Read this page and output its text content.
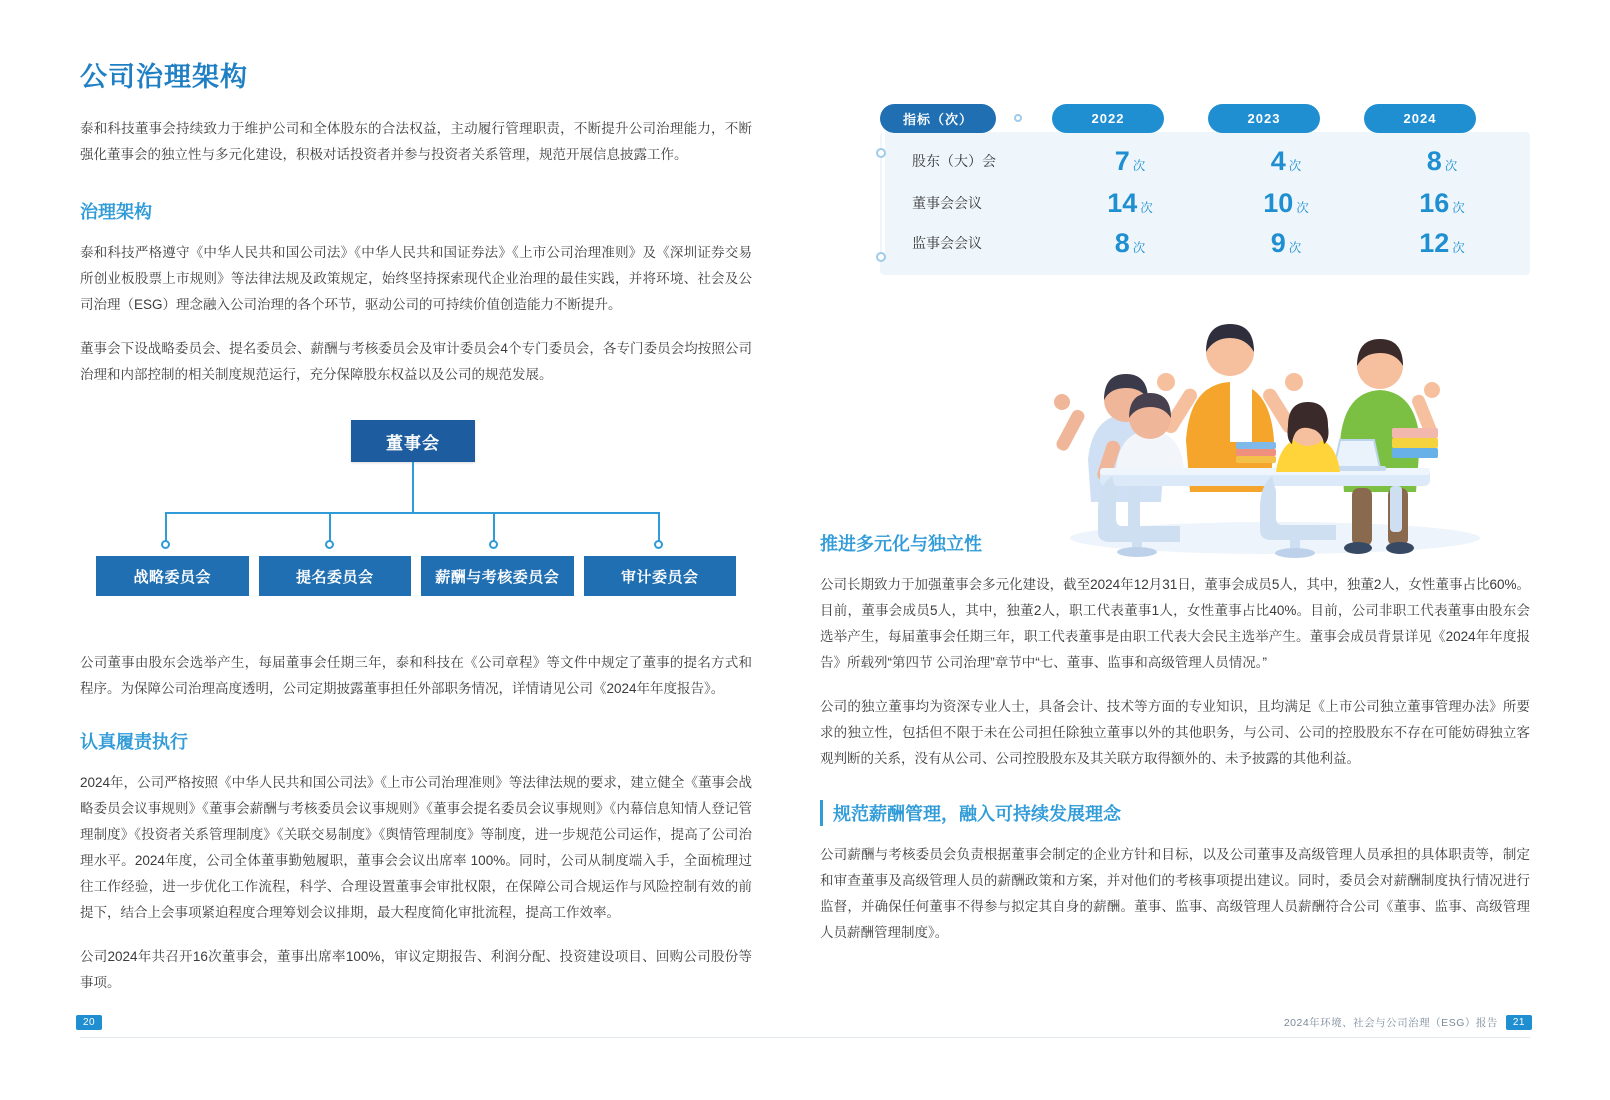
公司治理架构

泰和科技董事会持续致力于维护公司和全体股东的合法权益，主动履行管理职责，不断提升公司治理能力，不断强化董事会的独立性与多元化建设，积极对话投资者并参与投资者关系管理，规范开展信息披露工作。

治理架构

泰和科技严格遵守《中华人民共和国公司法》《中华人民共和国证券法》《上市公司治理准则》及《深圳证券交易所创业板股票上市规则》等法律法规及政策规定，始终坚持探索现代企业治理的最佳实践，并将环境、社会及公司治理（ESG）理念融入公司治理的各个环节，驱动公司的可持续价值创造能力不断提升。

董事会下设战略委员会、提名委员会、薪酬与考核委员会及审计委员会4个专门委员会，各专门委员会均按照公司治理和内部控制的相关制度规范运行，充分保障股东权益以及公司的规范发展。

董事会
战略委员会	提名委员会	薪酬与考核委员会	审计委员会

公司董事由股东会选举产生，每届董事会任期三年，泰和科技在《公司章程》等文件中规定了董事的提名方式和程序。为保障公司治理高度透明，公司定期披露董事担任外部职务情况，详情请见公司《2024年年度报告》。

认真履责执行

2024年，公司严格按照《中华人民共和国公司法》《上市公司治理准则》等法律法规的要求，建立健全《董事会战略委员会议事规则》《董事会薪酬与考核委员会议事规则》《董事会提名委员会议事规则》《内幕信息知情人登记管理制度》《投资者关系管理制度》《关联交易制度》《舆情管理制度》等制度，进一步规范公司运作，提高了公司治理水平。2024年度，公司全体董事勤勉履职，董事会会议出席率 100%。同时，公司从制度端入手，全面梳理过往工作经验，进一步优化工作流程，科学、合理设置董事会审批权限，在保障公司合规运作与风险控制有效的前提下，结合上会事项紧迫程度合理筹划会议排期，最大程度简化审批流程，提高工作效率。

公司2024年共召开16次董事会，董事出席率100%，审议定期报告、利润分配、投资建设项目、回购公司股份等事项。

指标（次）	2022	2023	2024
股东（大）会	7 次	4 次	8 次
董事会会议	14 次	10 次	16 次
监事会会议	8 次	9 次	12 次
推进多元化与独立性

公司长期致力于加强董事会多元化建设，截至2024年12月31日，董事会成员5人，其中，独董2人，女性董事占比60%。目前，董事会成员5人，其中，独董2人，职工代表董事1人，女性董事占比40%。目前，公司非职工代表董事由股东会选举产生，每届董事会任期三年，职工代表董事是由职工代表大会民主选举产生。董事会成员背景详见《2024年年度报告》所载列“第四节 公司治理”章节中“七、董事、监事和高级管理人员情况。”

公司的独立董事均为资深专业人士，具备会计、技术等方面的专业知识，且均满足《上市公司独立董事管理办法》所要求的独立性，包括但不限于未在公司担任除独立董事以外的其他职务，与公司、公司的控股股东不存在可能妨碍独立客观判断的关系，没有从公司、公司控股股东及其关联方取得额外的、未予披露的其他利益。

规范薪酬管理，融入可持续发展理念

公司薪酬与考核委员会负责根据董事会制定的企业方针和目标，以及公司董事及高级管理人员承担的具体职责等，制定和审查董事及高级管理人员的薪酬政策和方案，并对他们的考核事项提出建议。同时，委员会对薪酬制度执行情况进行监督，并确保任何董事不得参与拟定其自身的薪酬。董事、监事、高级管理人员薪酬符合公司《董事、监事、高级管理人员薪酬管理制度》。

20	2024年环境、社会与公司治理（ESG）报告	21
